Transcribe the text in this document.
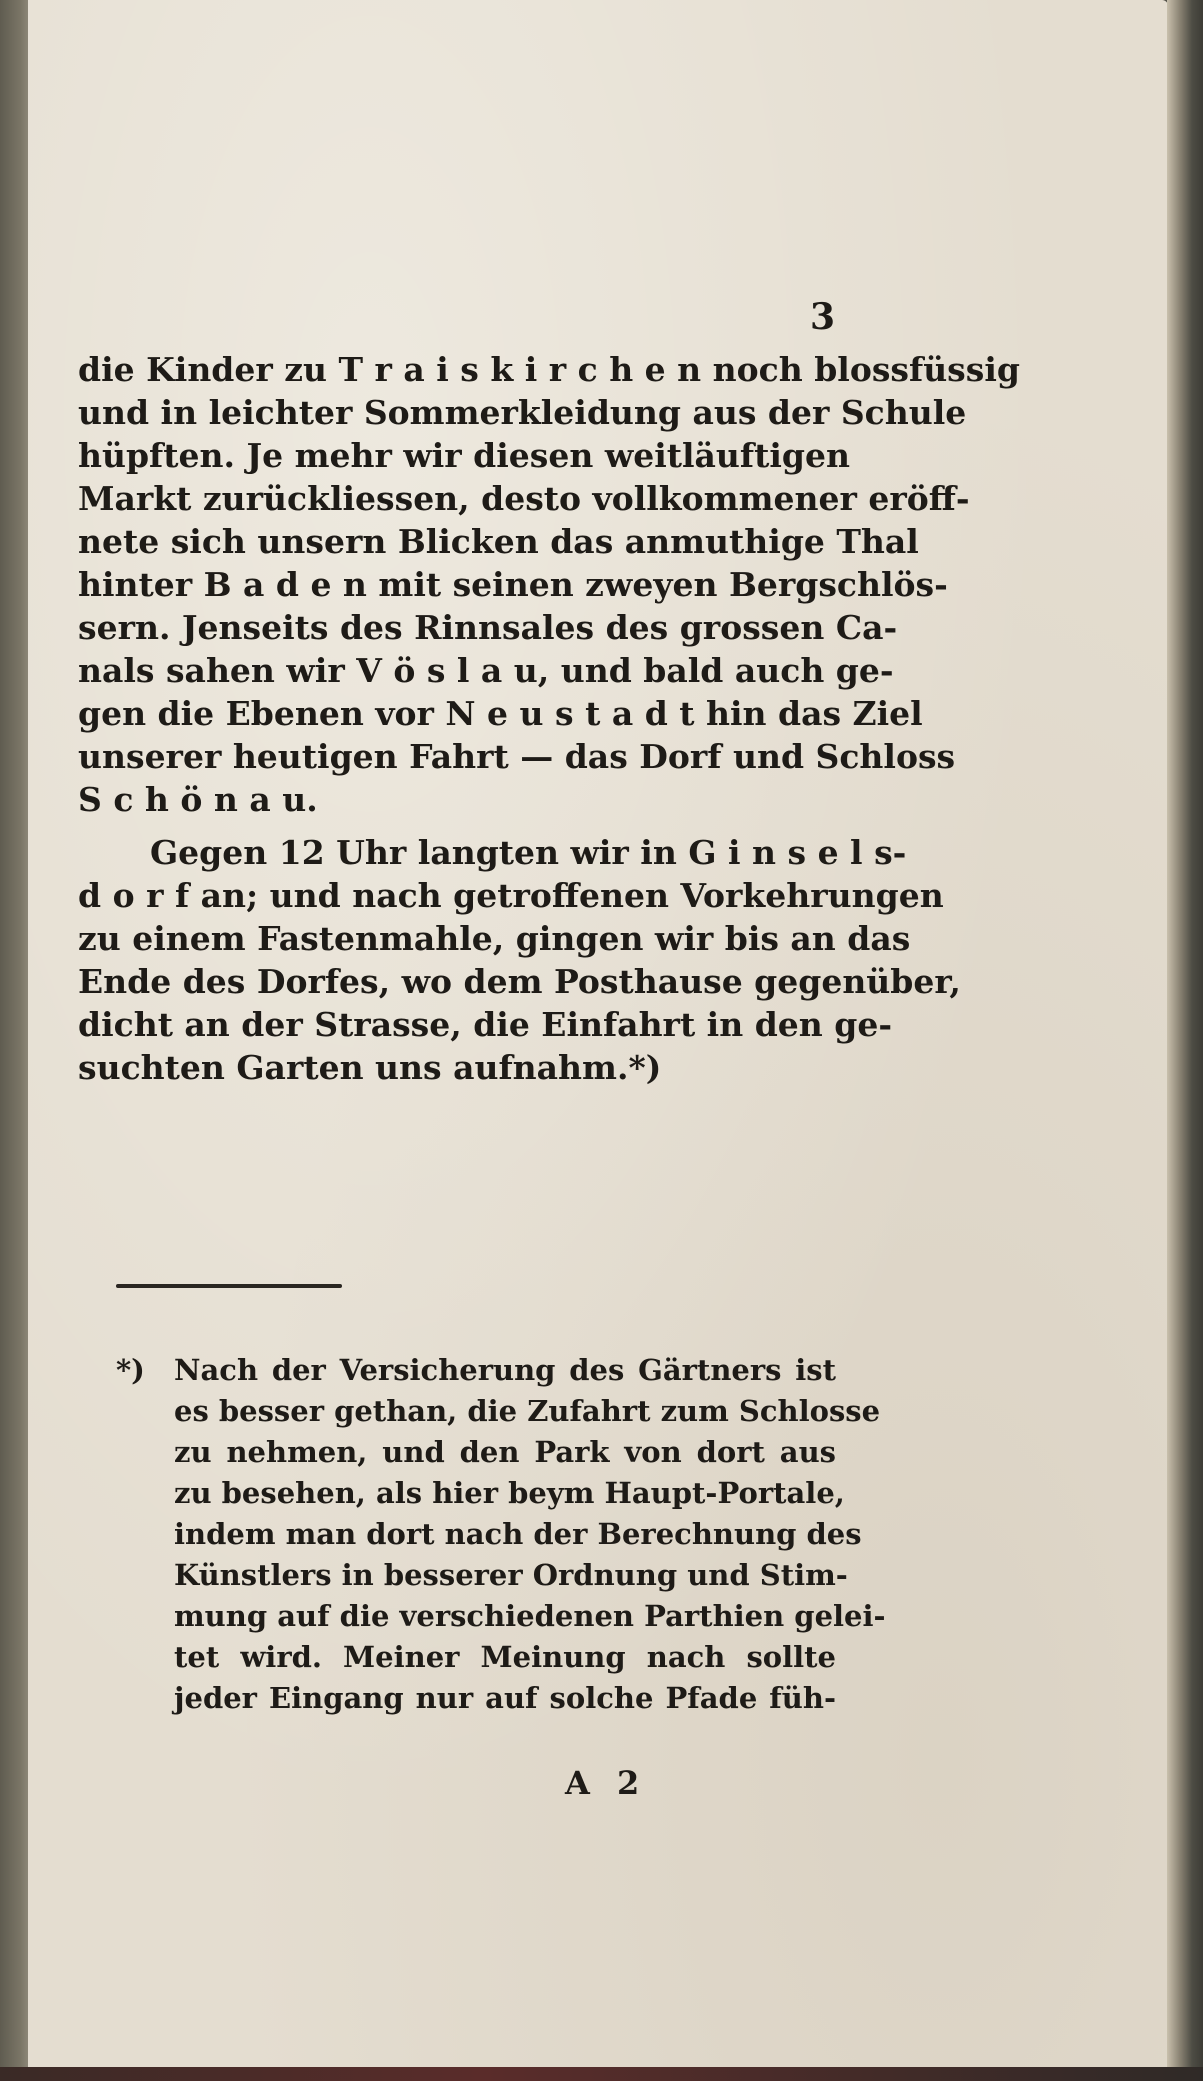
3
die Kinder zu T r a i s k i r c h e n noch blossfüssig
und in leichter Sommerkleidung aus der Schule
hüpften. Je mehr wir diesen weitläuftigen
Markt zurückliessen, desto vollkommener eröff-
nete sich unsern Blicken das anmuthige Thal
hinter B a d e n mit seinen zweyen Bergschlös-
sern. Jenseits des Rinnsales des grossen Ca-
nals sahen wir V ö s l a u, und bald auch ge-
gen die Ebenen vor N e u s t a d t hin das Ziel
unserer heutigen Fahrt — das Dorf und Schloss
S c h ö n a u.
Gegen 12 Uhr langten wir in G i n s e l s-
d o r f an; und nach getroffenen Vorkehrungen
zu einem Fastenmahle, gingen wir bis an das
Ende des Dorfes, wo dem Posthause gegenüber,
dicht an der Strasse, die Einfahrt in den ge-
suchten Garten uns aufnahm.*)
*) Nach der Versicherung des Gärtners ist
es besser gethan, die Zufahrt zum Schlosse
zu nehmen, und den Park von dort aus
zu besehen, als hier beym Haupt-Portale,
indem man dort nach der Berechnung des
Künstlers in besserer Ordnung und Stim-
mung auf die verschiedenen Parthien gelei-
tet wird. Meiner Meinung nach sollte
jeder Eingang nur auf solche Pfade füh-
A 2
